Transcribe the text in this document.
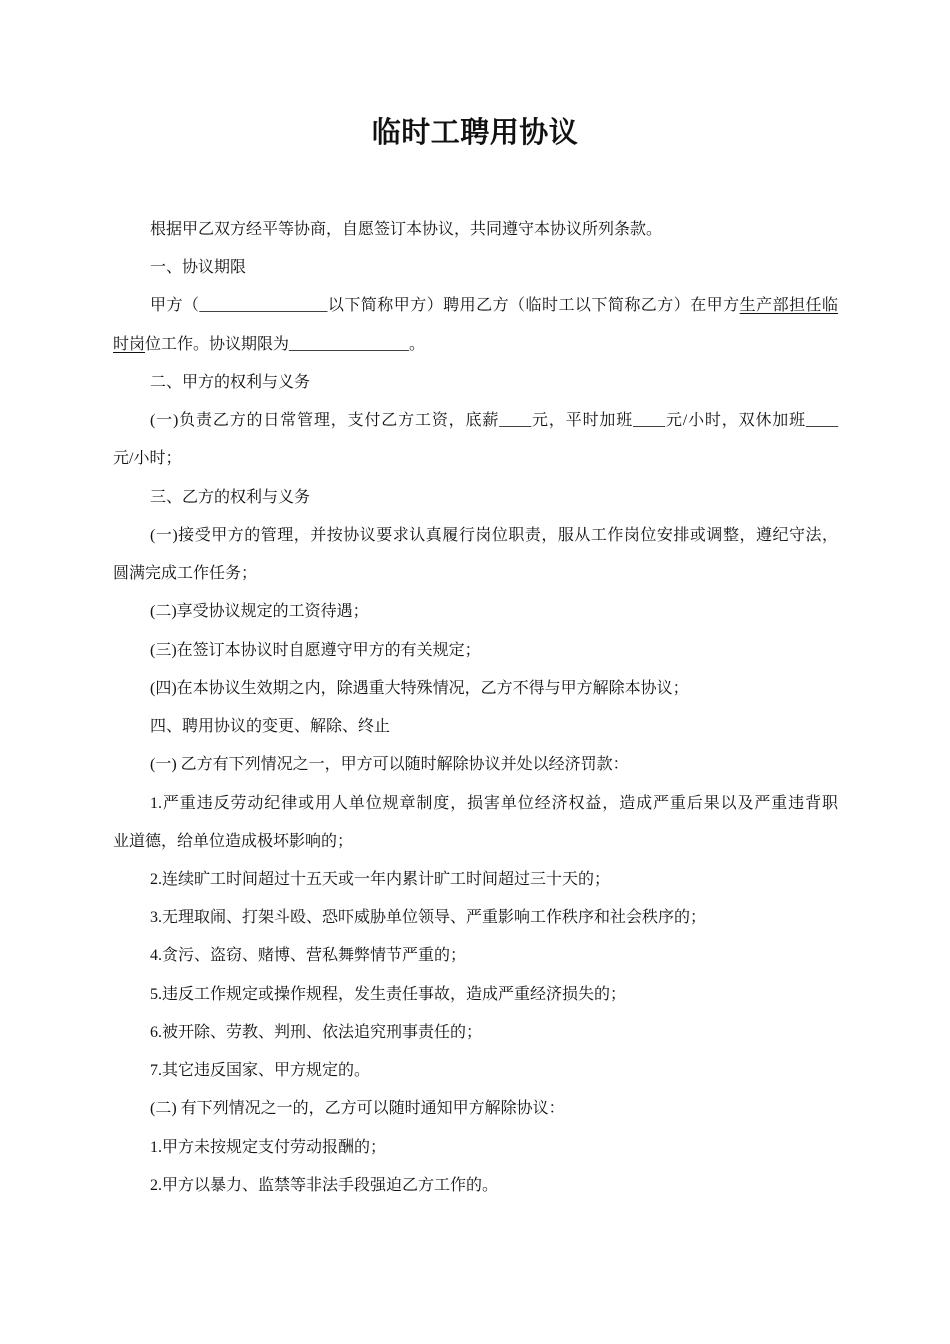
临时工聘用协议
根据甲乙双方经平等协商，自愿签订本协议，共同遵守本协议所列条款。
一、协议期限
甲方（________________以下简称甲方）聘用乙方（临时工以下简称乙方）在甲方生产部担任临
时岗位工作。协议期限为_______________。
二、甲方的权利与义务
(一)负责乙方的日常管理，支付乙方工资，底薪____元，平时加班____元/小时，双休加班____
元/小时；
三、乙方的权利与义务
(一)接受甲方的管理，并按协议要求认真履行岗位职责，服从工作岗位安排或调整，遵纪守法，
圆满完成工作任务；
(二)享受协议规定的工资待遇；
(三)在签订本协议时自愿遵守甲方的有关规定；
(四)在本协议生效期之内，除遇重大特殊情况，乙方不得与甲方解除本协议；
四、聘用协议的变更、解除、终止
(一) 乙方有下列情况之一，甲方可以随时解除协议并处以经济罚款：
1.严重违反劳动纪律或用人单位规章制度，损害单位经济权益，造成严重后果以及严重违背职
业道德，给单位造成极坏影响的；
2.连续旷工时间超过十五天或一年内累计旷工时间超过三十天的；
3.无理取闹、打架斗殴、恐吓威胁单位领导、严重影响工作秩序和社会秩序的；
4.贪污、盗窃、赌博、营私舞弊情节严重的；
5.违反工作规定或操作规程，发生责任事故，造成严重经济损失的；
6.被开除、劳教、判刑、依法追究刑事责任的；
7.其它违反国家、甲方规定的。
(二) 有下列情况之一的，乙方可以随时通知甲方解除协议：
1.甲方未按规定支付劳动报酬的；
2.甲方以暴力、监禁等非法手段强迫乙方工作的。
